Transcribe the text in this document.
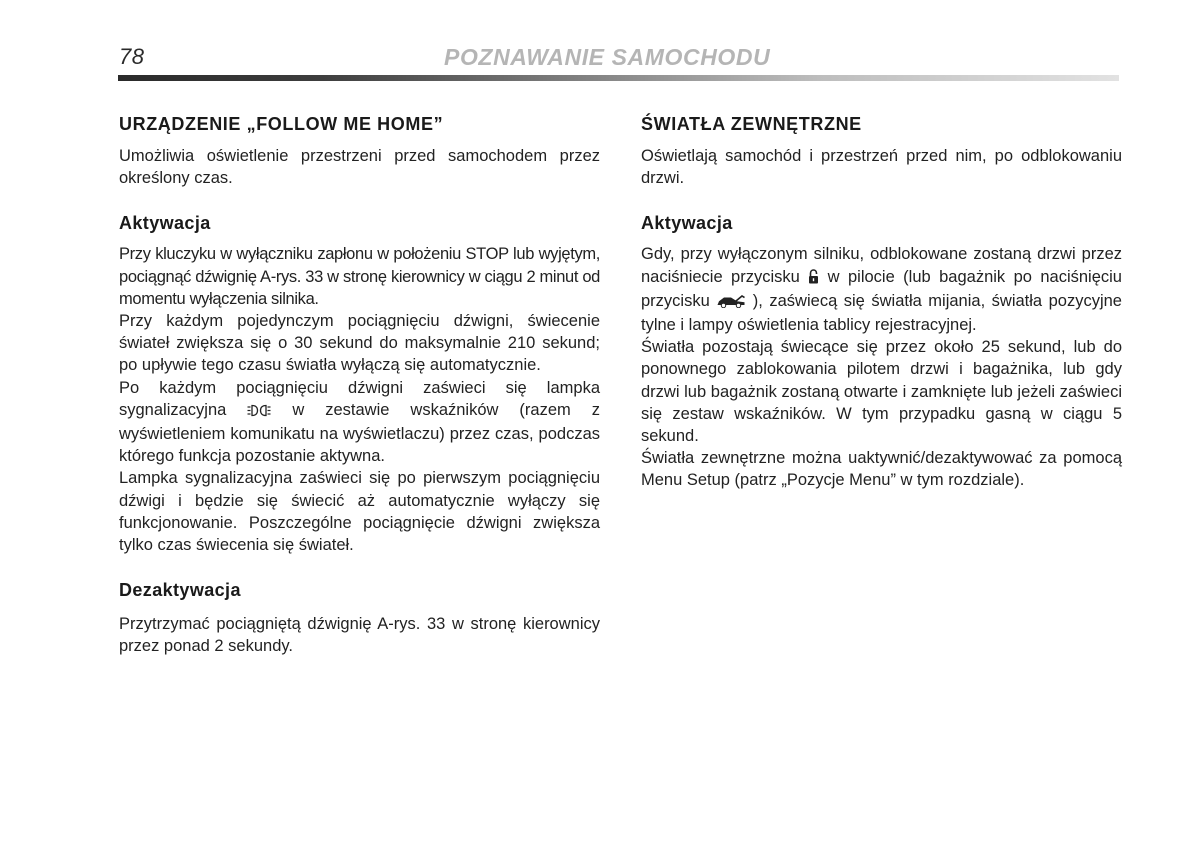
78	POZNAWANIE SAMOCHODU
URZĄDZENIE „FOLLOW ME HOME”

Umożliwia oświetlenie przestrzeni przed samochodem przez określony czas.

Aktywacja

Przy kluczyku w wyłączniku zapłonu w położeniu STOP lub wyjętym, pociągnąć dźwignię A-rys. 33 w stronę kierownicy w ciągu 2 minut od momentu wyłączenia silnika.

Przy każdym pojedynczym pociągnięciu dźwigni, świecenie świateł zwiększa się o 30 sekund do maksymalnie 210 sekund; po upływie tego czasu światła wyłączą się automatycznie.

Po każdym pociągnięciu dźwigni zaświeci się lampka sygnalizacyjna	w zestawie wskaźników (razem z wyświetleniem komunikatu na wyświetlaczu) przez czas, podczas którego funkcja pozostanie aktywna.

Lampka sygnalizacyjna zaświeci się po pierwszym pociągnięciu dźwigi i będzie się świecić aż automatycznie wyłączy się funkcjonowanie. Poszczególne pociągnięcie dźwigni zwiększa tylko czas świecenia się świateł.

Dezaktywacja

Przytrzymać pociągniętą dźwignię A-rys. 33 w stronę kierownicy przez ponad 2 sekundy.

ŚWIATŁA ZEWNĘTRZNE

Oświetlają samochód i przestrzeń przed nim, po odblokowaniu drzwi.

Aktywacja

Gdy, przy wyłączonym silniku, odblokowane zostaną drzwi przez naciśniecie przycisku w pilocie (lub bagażnik po naciśnięciu przycisku	), zaświecą się światła mijania, światła pozycyjne tylne i lampy oświetlenia tablicy rejestracyjnej.

Światła pozostają świecące się przez około 25 sekund, lub do ponownego zablokowania pilotem drzwi i bagażnika, lub gdy drzwi lub bagażnik zostaną otwarte i zamknięte lub jeżeli zaświeci się zestaw wskaźników. W tym przypadku gasną w ciągu 5 sekund.

Światła zewnętrzne można uaktywnić/dezaktywować za pomocą Menu Setup (patrz „Pozycje Menu” w tym rozdziale).
